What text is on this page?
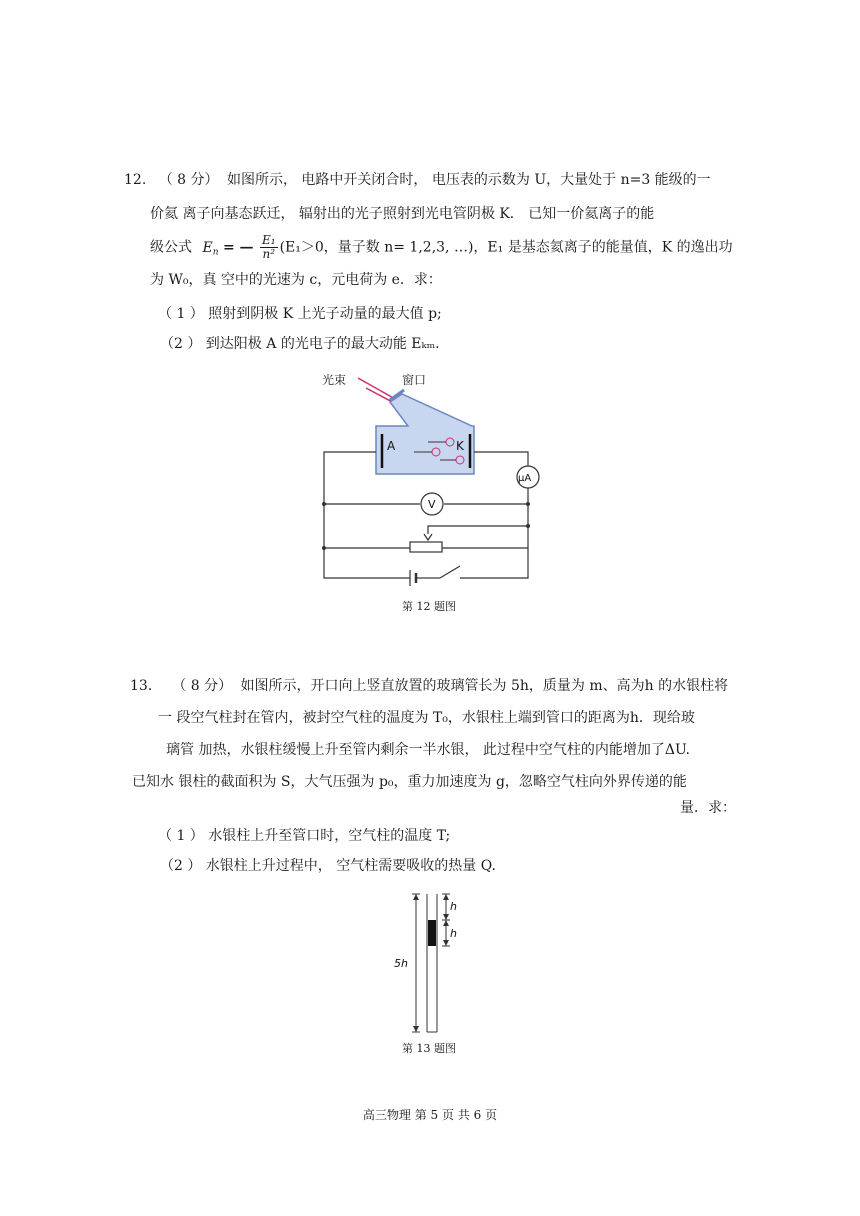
12. （ 8 分） 如图所示， 电路中开关闭合时， 电压表的示数为 U，大量处于 n=3 能级的一
价氦 离子向基态跃迁， 辐射出的光子照射到光电管阴极 K． 已知一价氦离子的能
级公式 $E_n$ = — $\frac{\text{E₁}}{\text{n²}} (E_1>0$，量子数 n= 1,2,3, …)，E₁ 是基态氦离子的能量值，K 的逸出功
为 W₀，真 空中的光速为 c，元电荷为 e．求：
（ 1 ） 照射到阴极 K 上光子动量的最大值 p;
（2 ） 到达阳极 A 的光电子的最大动能 Eₖₘ.
光束	窗口
A	K
μA
V
第 12 题图
13． （ 8 分） 如图所示，开口向上竖直放置的玻璃管长为 5h，质量为 m、高为h 的水银柱将
一 段空气柱封在管内，被封空气柱的温度为 T₀，水银柱上端到管口的距离为h．现给玻
璃管 加热，水银柱缓慢上升至管内剩余一半水银， 此过程中空气柱的内能增加了ΔU.
已知水 银柱的截面积为 S，大气压强为 p₀，重力加速度为 g，忽略空气柱向外界传递的能
量．求：
（ 1 ） 水银柱上升至管口时，空气柱的温度 T;
（2 ） 水银柱上升过程中， 空气柱需要吸收的热量 Q.
h
h
5h
第 13 题图
高三物理 第 5 页 共 6 页
